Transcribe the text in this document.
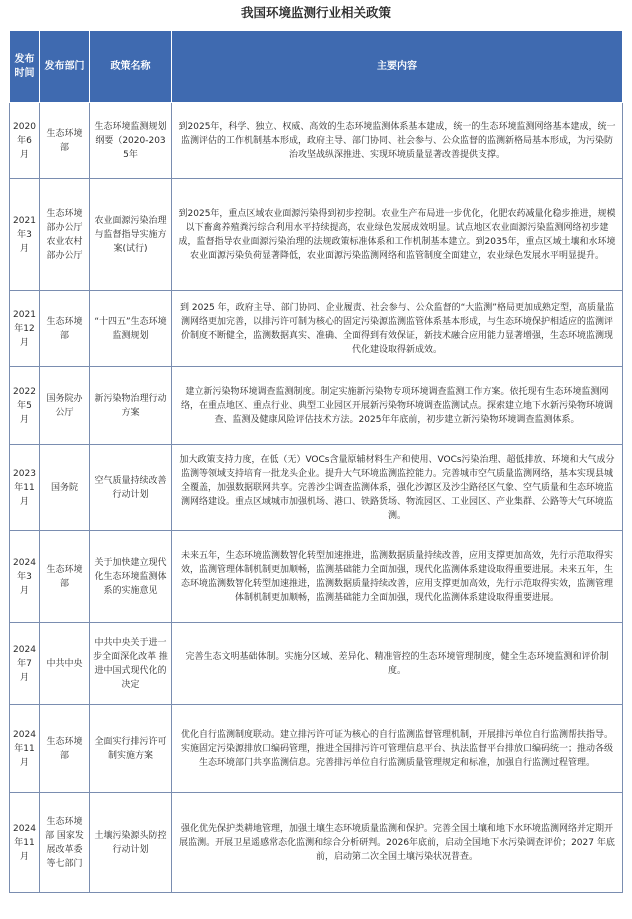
我国环境监测行业相关政策
发布时间	发布部门	政策名称	主要内容
2020年6月	生态环境部	生态环境监测规划纲要（2020-2035年	到2025年，科学、独立、权威、高效的生态环境监测体系基本建成，统一的生态环境监测网络基本建成，统一监测评估的工作机制基本形成，政府主导、部门协同、社会参与、公众监督的监测新格局基本形成，为污染防治攻坚战纵深推进、实现环境质量显著改善提供支撑。
2021年3月	生态环境部办公厅 农业农村部办公厅	农业面源污染治理与监督指导实施方案(试行)	到2025年，重点区域农业面源污染得到初步控制。农业生产布局进一步优化，化肥农药减量化稳步推进，规模以下畜禽养殖粪污综合利用水平持续提高，农业绿色发展成效明显。试点地区农业面源污染监测网络初步建成，监督指导农业面源污染治理的法规政策标准体系和工作机制基本建立。到2035年，重点区域土壤和水环境农业面源污染负荷显著降低，农业面源污染监测网络和监管制度全面建立，农业绿色发展水平明显提升。
2021年12月	生态环境部	“十四五”生态环境监测规划	到 2025 年，政府主导、部门协同、企业履责、社会参与、公众监督的“大监测”格局更加成熟定型，高质量监测网络更加完善，以排污许可制为核心的固定污染源监测监管体系基本形成，与生态环境保护相适应的监测评价制度不断健全，监测数据真实、准确、全面得到有效保证，新技术融合应用能力显著增强，生态环境监测现代化建设取得新成效。
2022年5月	国务院办公厅	新污染物治理行动方案	建立新污染物环境调查监测制度。制定实施新污染物专项环境调查监测工作方案。依托现有生态环境监测网络，在重点地区、重点行业、典型工业园区开展新污染物环境调查监测试点。探索建立地下水新污染物环境调查、监测及健康风险评估技术方法。2025年年底前，初步建立新污染物环境调查监测体系。
2023年11月	国务院	空气质量持续改善行动计划	加大政策支持力度，在低（无）VOCs含量原辅材料生产和使用、VOCs污染治理、超低排放、环境和大气成分监测等领域支持培育一批龙头企业。提升大气环境监测监控能力。完善城市空气质量监测网络，基本实现县城全覆盖，加强数据联网共享。完善沙尘调查监测体系，强化沙源区及沙尘路径区气象、空气质量和生态环境监测网络建设。重点区域城市加强机场、港口、铁路货场、物流园区、工业园区、产业集群、公路等大气环境监测。
2024年3月	生态环境部	关于加快建立现代化生态环境监测体系的实施意见	未来五年，生态环境监测数智化转型加速推进，监测数据质量持续改善，应用支撑更加高效，先行示范取得实效，监测管理体制机制更加顺畅，监测基础能力全面加强，现代化监测体系建设取得重要进展。未来五年，生态环境监测数智化转型加速推进，监测数据质量持续改善，应用支撑更加高效，先行示范取得实效，监测管理体制机制更加顺畅，监测基础能力全面加强，现代化监测体系建设取得重要进展。
2024年7月	中共中央	中共中央关于进一步全面深化改革 推进中国式现代化的决定	完善生态文明基础体制。实施分区域、差异化、精准管控的生态环境管理制度，健全生态环境监测和评价制度。
2024年11月	生态环境部	全面实行排污许可制实施方案	优化自行监测制度联动。建立排污许可证为核心的自行监测监督管理机制，开展排污单位自行监测帮扶指导。实施固定污染源排放口编码管理，推进全国排污许可管理信息平台、执法监督平台排放口编码统一；推动各级生态环境部门共享监测信息。完善排污单位自行监测质量管理规定和标准，加强自行监测过程管理。
2024年11月	生态环境部 国家发展改革委等七部门	土壤污染源头防控行动计划	强化优先保护类耕地管理，加强土壤生态环境质量监测和保护。完善全国土壤和地下水环境监测网络并定期开展监测。开展卫星遥感常态化监测和综合分析研判。2026年底前，启动全国地下水污染调查评价；2027 年底前，启动第二次全国土壤污染状况普查。
